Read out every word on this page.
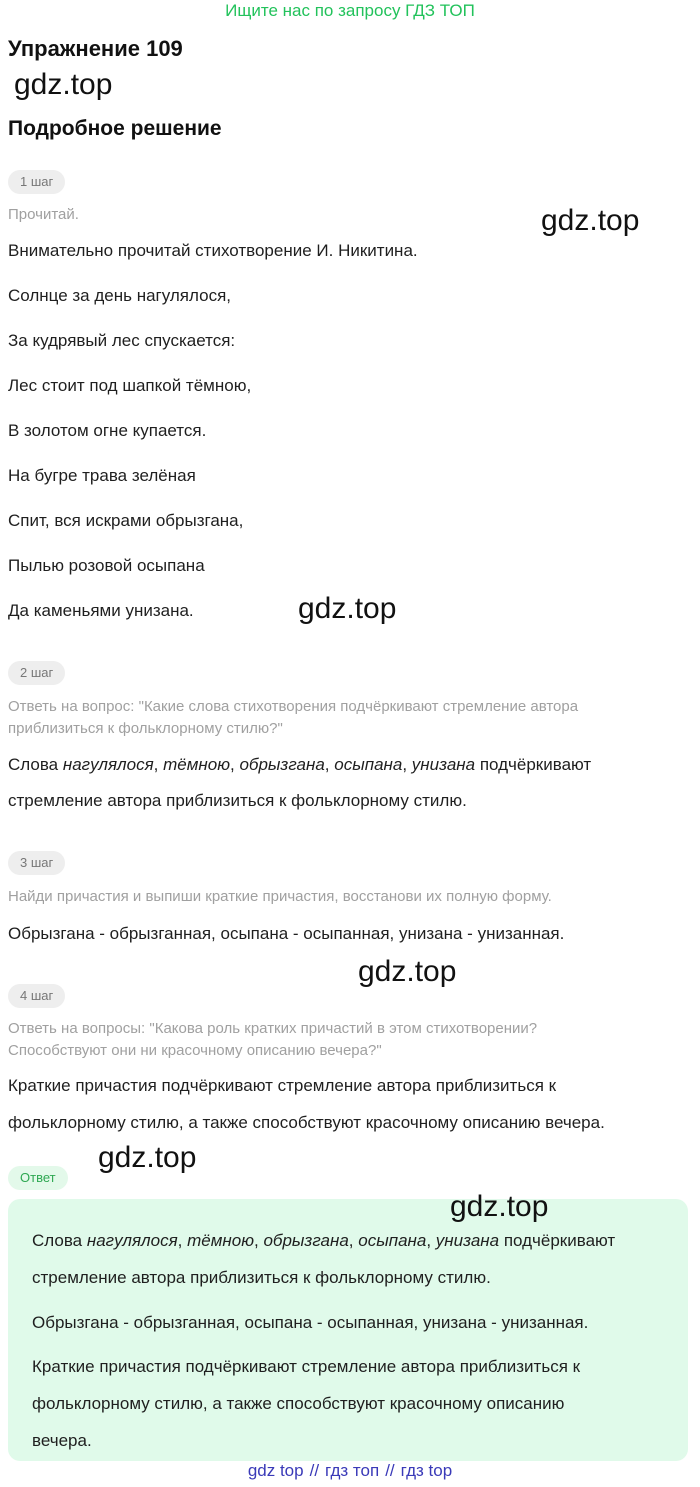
Ищите нас по запросу ГДЗ ТОП
Упражнение 109
gdz.top
Подробное решение
1 шаг
Прочитай.	gdz.top
Внимательно прочитай стихотворение И. Никитина.
Солнце за день нагулялося,
За кудрявый лес спускается:
Лес стоит под шапкой тёмною,
В золотом огне купается.
На бугре трава зелёная
Спит, вся искрами обрызгана,
Пылью розовой осыпана
Да каменьями унизана.	gdz.top
2 шаг
Ответь на вопрос: "Какие слова стихотворения подчёркивают стремление автора
приблизиться к фольклорному стилю?"
Слова нагулялося, тёмною, обрызгана, осыпана, унизана подчёркивают
стремление автора приблизиться к фольклорному стилю.
3 шаг
Найди причастия и выпиши краткие причастия, восстанови их полную форму.
Обрызгана - обрызганная, осыпана - осыпанная, унизана - унизанная.
gdz.top
4 шаг
Ответь на вопросы: "Какова роль кратких причастий в этом стихотворении?
Способствуют они ни красочному описанию вечера?"
Краткие причастия подчёркивают стремление автора приблизиться к
фольклорному стилю, а также способствуют красочному описанию вечера.
gdz.top
Ответ
gdz.top
Слова нагулялося, тёмною, обрызгана, осыпана, унизана подчёркивают
стремление автора приблизиться к фольклорному стилю.
Обрызгана - обрызганная, осыпана - осыпанная, унизана - унизанная.
Краткие причастия подчёркивают стремление автора приблизиться к
фольклорному стилю, а также способствуют красочному описанию
вечера.
gdz top // гдз топ // гдз top
